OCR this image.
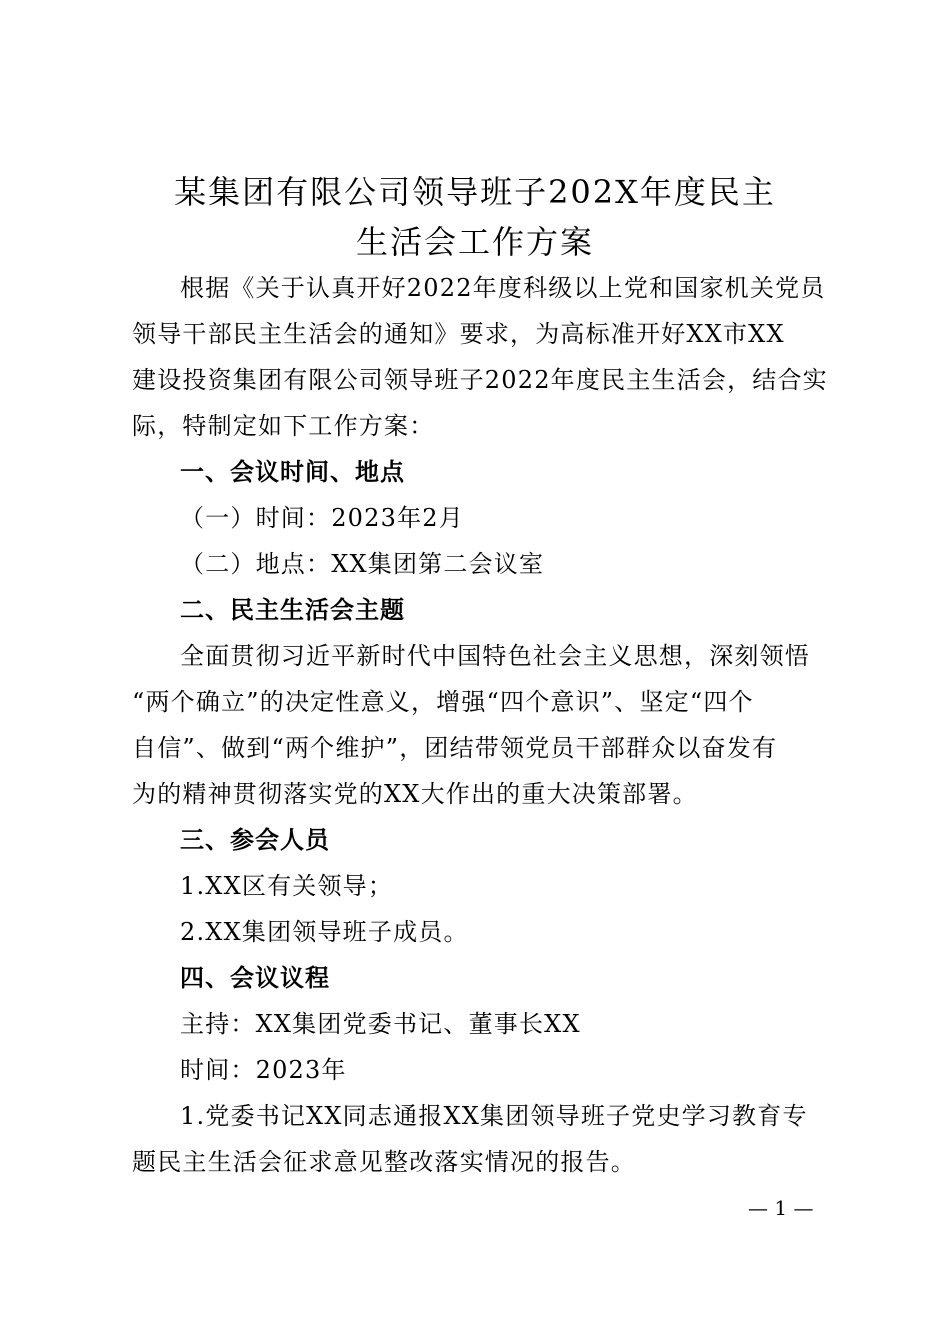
某集团有限公司领导班子202X年度民主
生活会工作方案
根据《关于认真开好2022年度科级以上党和国家机关党员
领导干部民主生活会的通知》要求，为高标准开好XX市XX
建设投资集团有限公司领导班子2022年度民主生活会，结合实
际，特制定如下工作方案：
一、会议时间、地点
（一）时间：2023年2月
（二）地点：XX集团第二会议室
二、民主生活会主题
全面贯彻习近平新时代中国特色社会主义思想，深刻领悟
“两个确立”的决定性意义，增强“四个意识”、坚定“四个
自信”、做到“两个维护”，团结带领党员干部群众以奋发有
为的精神贯彻落实党的XX大作出的重大决策部署。
三、参会人员
1.XX区有关领导；
2.XX集团领导班子成员。
四、会议议程
主持：XX集团党委书记、董事长XX
时间：2023年
1.党委书记XX同志通报XX集团领导班子党史学习教育专
题民主生活会征求意见整改落实情况的报告。
— 1 —
